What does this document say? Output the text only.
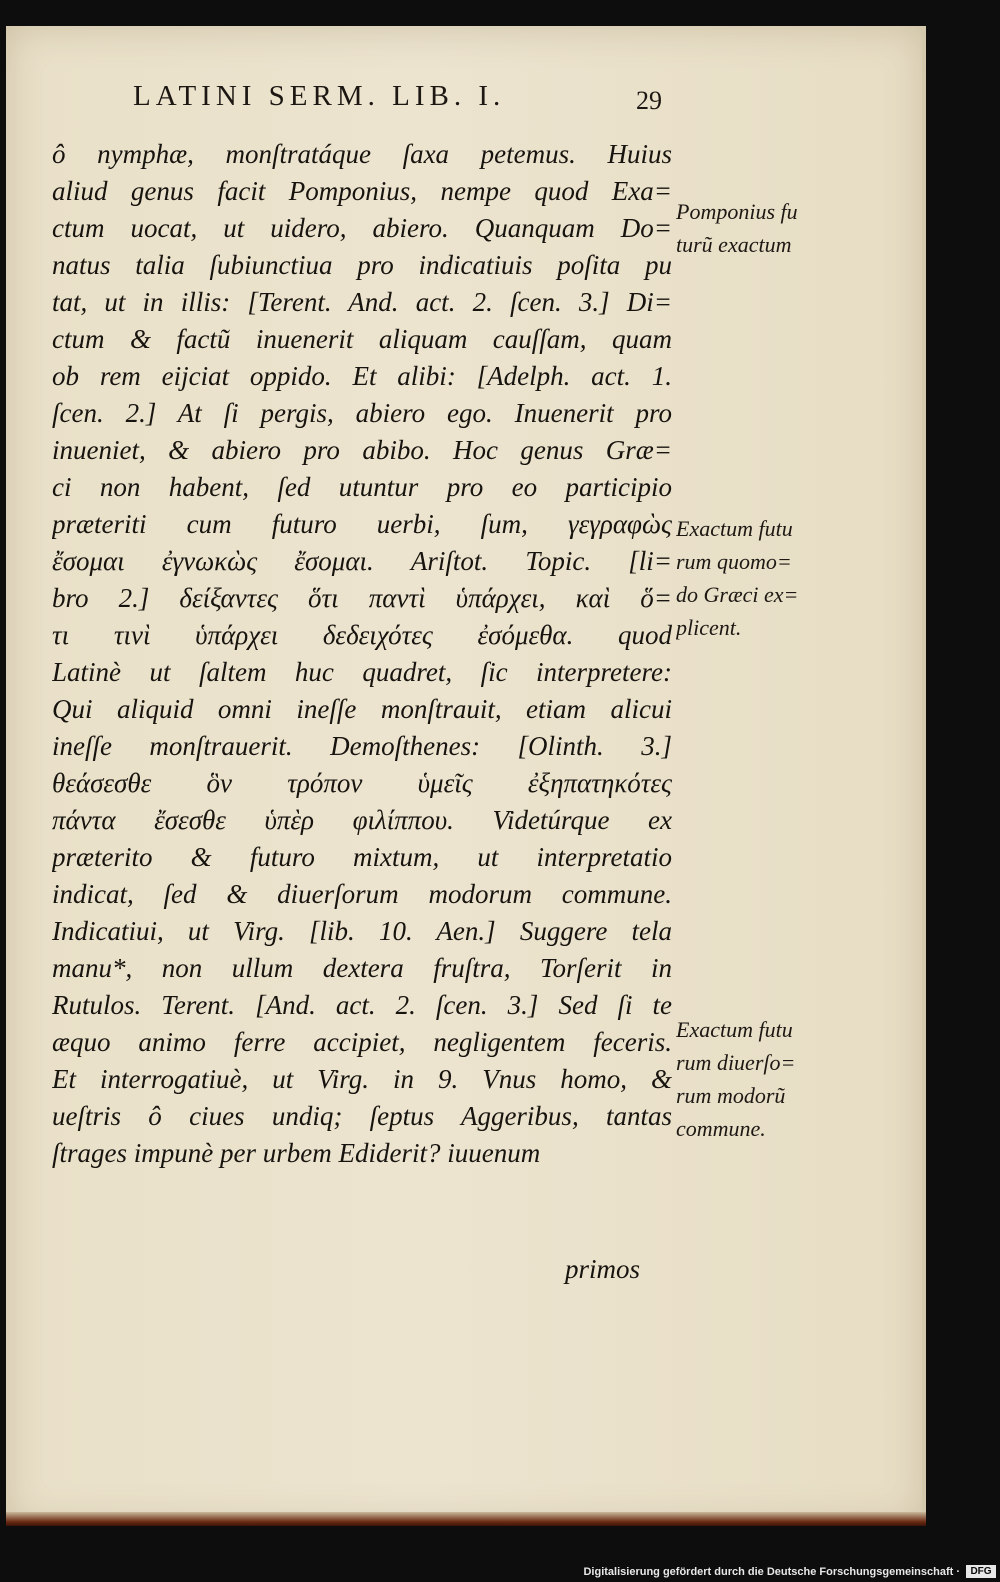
LATINI SERM. LIB. I.	29
ô nymphæ, monſtratáque ſaxa petemus. Huius
aliud genus facit Pomponius, nempe quod Exa=
ctum uocat, ut uidero, abiero. Quanquam Do=
natus talia ſubiunctiua pro indicatiuis poſita pu
tat, ut in illis: [Terent. And. act. 2. ſcen. 3.] Di=
ctum & factũ inuenerit aliquam cauſſam, quam
ob rem eijciat oppido. Et alibi: [Adelph. act. 1.
ſcen. 2.] At ſi pergis, abiero ego. Inuenerit pro
inueniet, & abiero pro abibo. Hoc genus Græ=
ci non habent, ſed utuntur pro eo participio
præteriti cum futuro uerbi, ſum, γεγραφὼς
ἔσομαι ἐγνωκὼς ἔσομαι. Ariſtot. Topic. [li=
bro 2.] δείξαντες ὅτι παντὶ ὑπάρχει, καὶ ὅ=
τι τινὶ ὑπάρχει δεδειχότες ἐσόμεθα. quod
Latinè ut ſaltem huc quadret, ſic interpretere:
Qui aliquid omni ineſſe monſtrauit, etiam alicui
ineſſe monſtrauerit. Demoſthenes: [Olinth. 3.]
θεάσεσθε ὃν τρόπον ὑμεῖς ἐξηπατηκότες
πάντα ἔσεσθε ὑπὲρ φιλίππου. Videtúrque ex
præterito & futuro mixtum, ut interpretatio
indicat, ſed & diuerſorum modorum commune.
Indicatiui, ut Virg. [lib. 10. Aen.] Suggere tela
manu*, non ullum dextera fruſtra, Torſerit in
Rutulos. Terent. [And. act. 2. ſcen. 3.] Sed ſi te
æquo animo ferre accipiet, negligentem feceris.
Et interrogatiuè, ut Virg. in 9. Vnus homo, &
ueſtris ô ciues undiq; ſeptus Aggeribus, tantas
ſtrages impunè per urbem Ediderit? iuuenum
primos
Pomponius fu
turũ exactum
Exactum futu
rum quomo=
do Græci ex=
plicent.
Exactum futu
rum diuerſo=
rum modorũ
commune.
Digitalisierung gefördert durch die Deutsche Forschungsgemeinschaft ·	DFG
